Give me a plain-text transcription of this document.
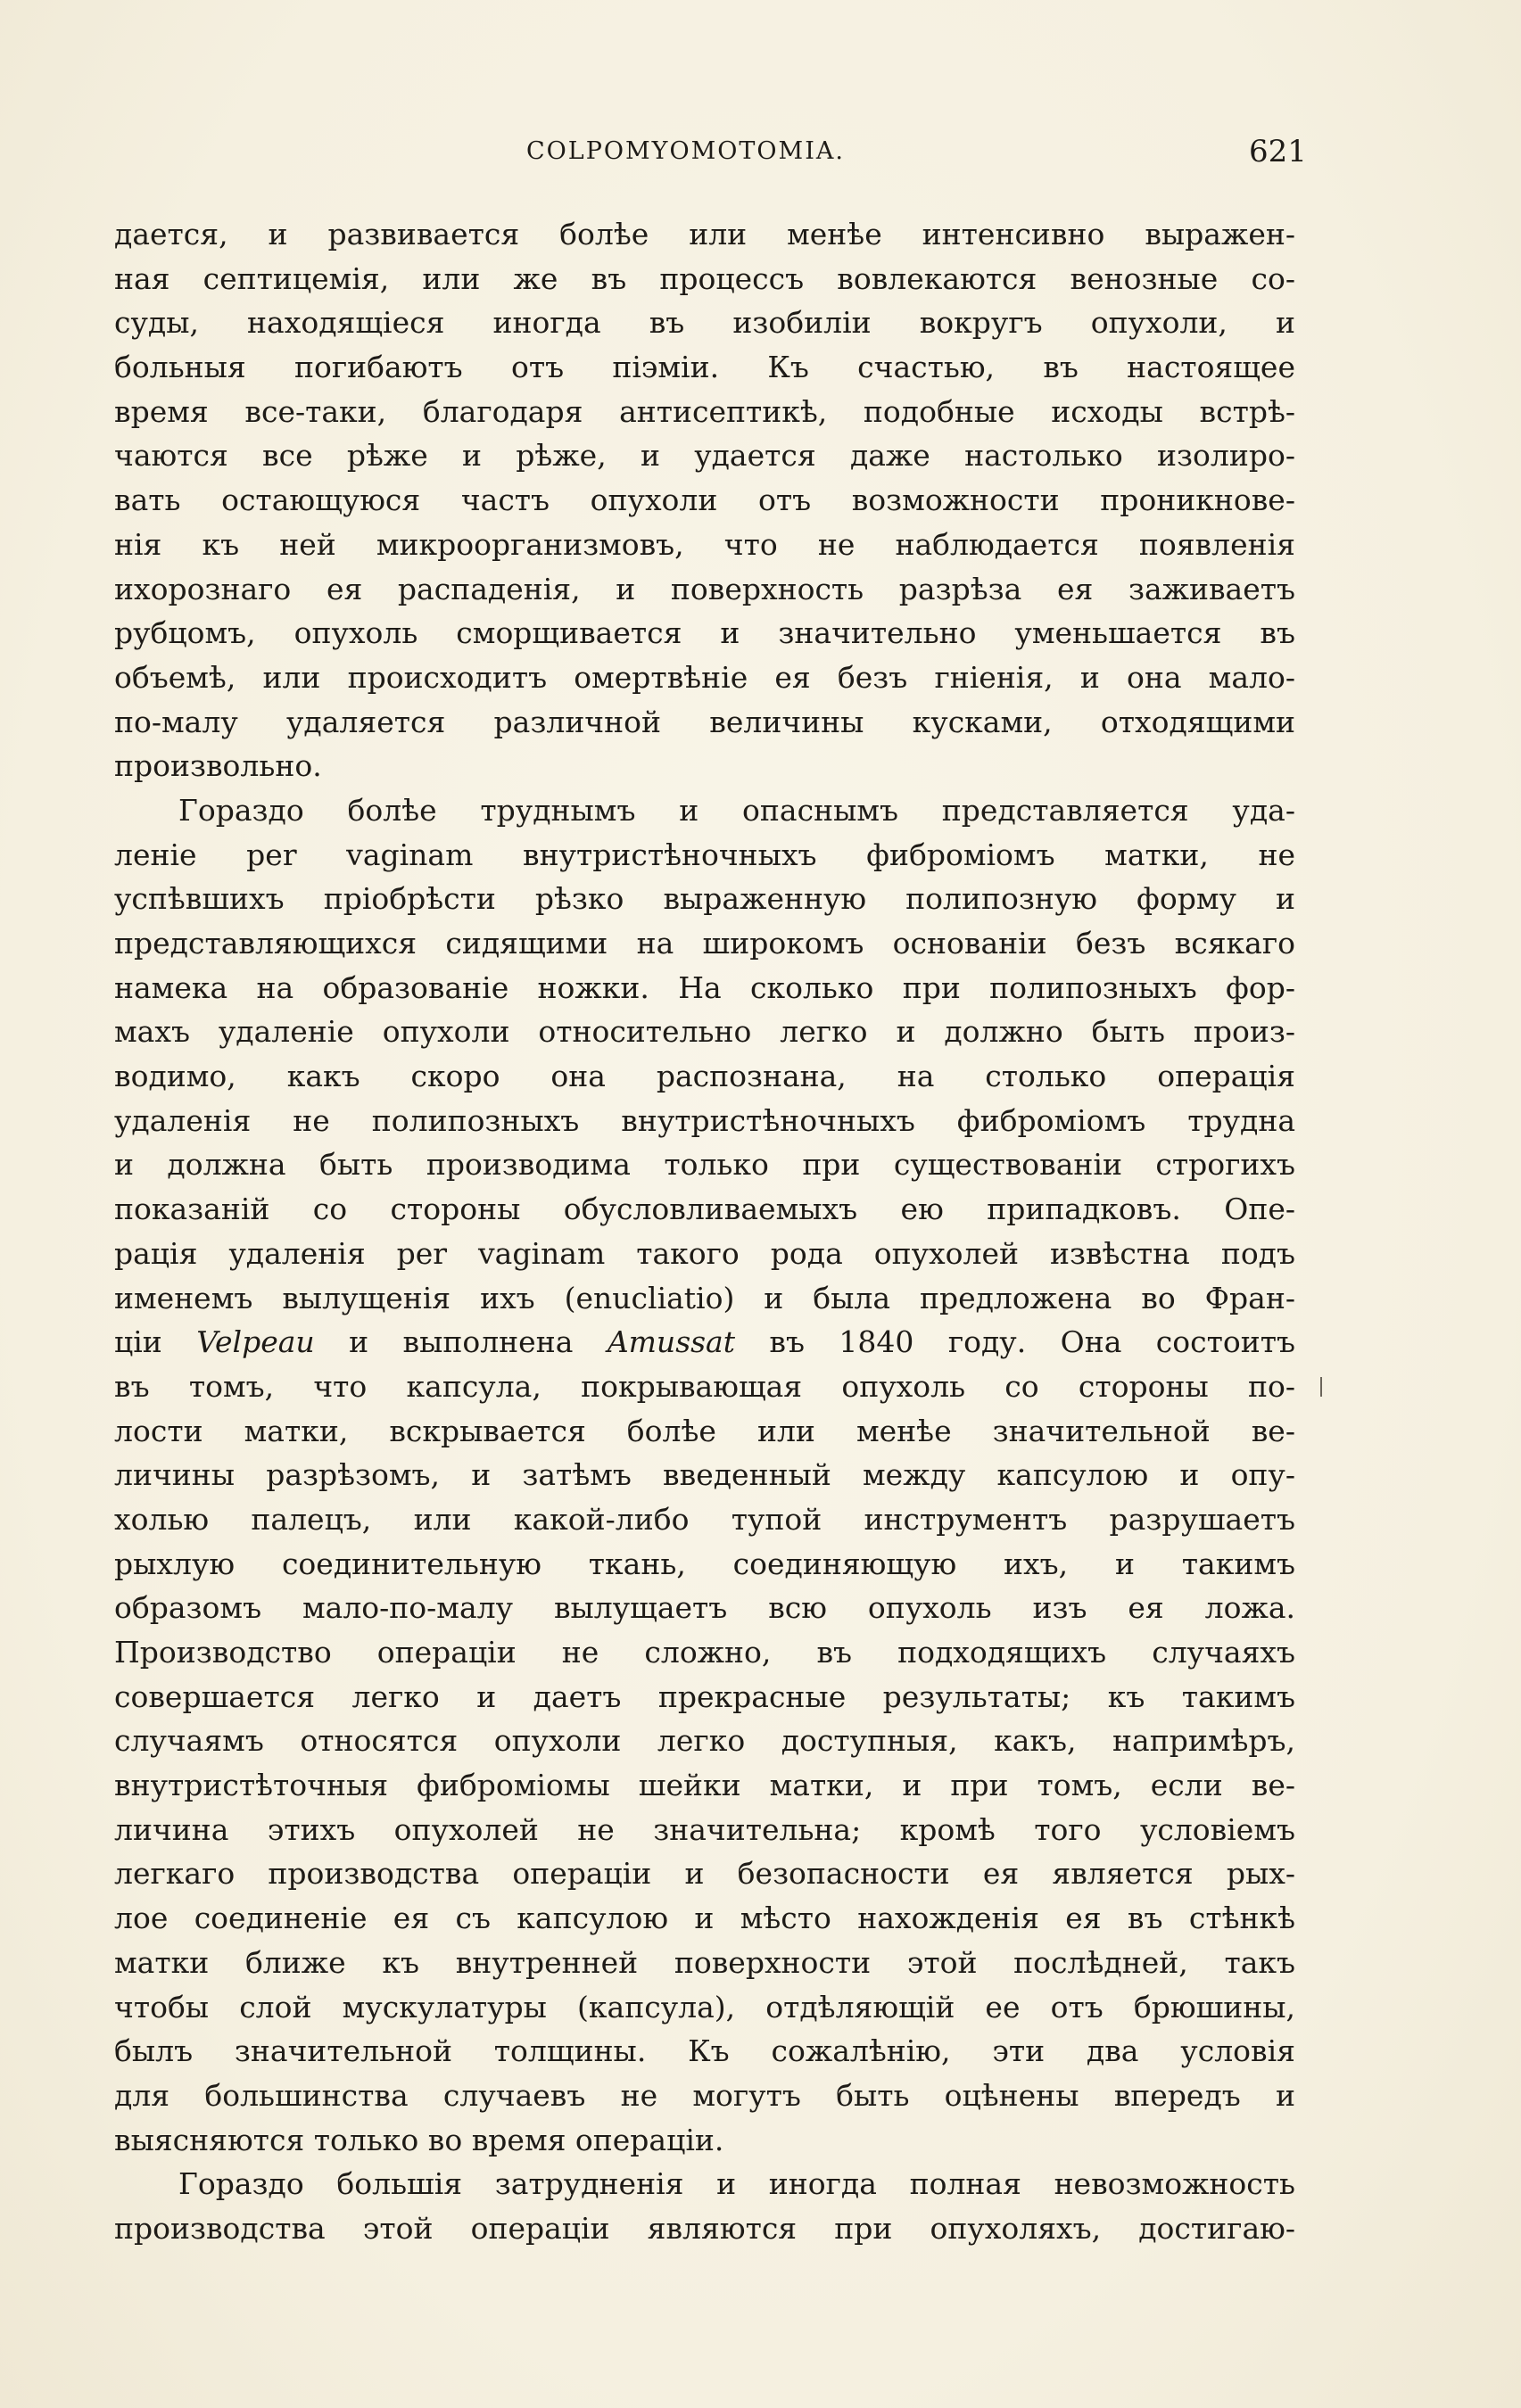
COLPOMYOMOTOMIA.	621
дается, и развивается болѣе или менѣе интенсивно выражен-
ная септицемія, или же въ процессъ вовлекаются венозные со-
суды, находящіеся иногда въ изобиліи вокругъ опухоли, и
больныя погибаютъ отъ піэміи. Къ счастью, въ настоящее
время все-таки, благодаря антисептикѣ, подобные исходы встрѣ-
чаются все рѣже и рѣже, и удается даже настолько изолиро-
вать остающуюся частъ опухоли отъ возможности проникнове-
нія къ ней микроорганизмовъ, что не наблюдается появленія
ихорознаго ея распаденія, и поверхность разрѣза ея заживаетъ
рубцомъ, опухоль сморщивается и значительно уменьшается въ
объемѣ, или происходитъ омертвѣніе ея безъ гніенія, и она мало-
по-малу удаляется различной величины кусками, отходящими
произвольно.
Гораздо болѣе труднымъ и опаснымъ представляется уда-
леніе per vaginam внутристѣночныхъ фиброміомъ матки, не
успѣвшихъ пріобрѣсти рѣзко выраженную полипозную форму и
представляющихся сидящими на широкомъ основаніи безъ всякаго
намека на образованіе ножки. На сколько при полипозныхъ фор-
махъ удаленіе опухоли относительно легко и должно быть произ-
водимо, какъ скоро она распознана, на столько операція
удаленія не полипозныхъ внутристѣночныхъ фиброміомъ трудна
и должна быть производима только при существованіи строгихъ
показаній со стороны обусловливаемыхъ ею припадковъ. Опе-
рація удаленія per vaginam такого рода опухолей извѣстна подъ
именемъ вылущенія ихъ (enucliatio) и была предложена во Фран-
ціи Velpeau и выполнена Amussat въ 1840 году. Она состоитъ
въ томъ, что капсула, покрывающая опухоль со стороны по-
лости матки, вскрывается болѣе или менѣе значительной ве-
личины разрѣзомъ, и затѣмъ введенный между капсулою и опу-
холью палецъ, или какой-либо тупой инструментъ разрушаетъ
рыхлую соединительную ткань, соединяющую ихъ, и такимъ
образомъ мало-по-малу вылущаетъ всю опухоль изъ ея ложа.
Производство операціи не сложно, въ подходящихъ случаяхъ
совершается легко и даетъ прекрасные результаты; къ такимъ
случаямъ относятся опухоли легко доступныя, какъ, напримѣръ,
внутристѣточныя фиброміомы шейки матки, и при томъ, если ве-
личина этихъ опухолей не значительна; кромѣ того условіемъ
легкаго производства операціи и безопасности ея является рых-
лое соединеніе ея съ капсулою и мѣсто нахожденія ея въ стѣнкѣ
матки ближе къ внутренней поверхности этой послѣдней, такъ
чтобы слой мускулатуры (капсула), отдѣляющій ее отъ брюшины,
былъ значительной толщины. Къ сожалѣнію, эти два условія
для большинства случаевъ не могутъ быть оцѣнены впередъ и
выясняются только во время операціи.
Гораздо большія затрудненія и иногда полная невозможность
производства этой операціи являются при опухоляхъ, достигаю-
